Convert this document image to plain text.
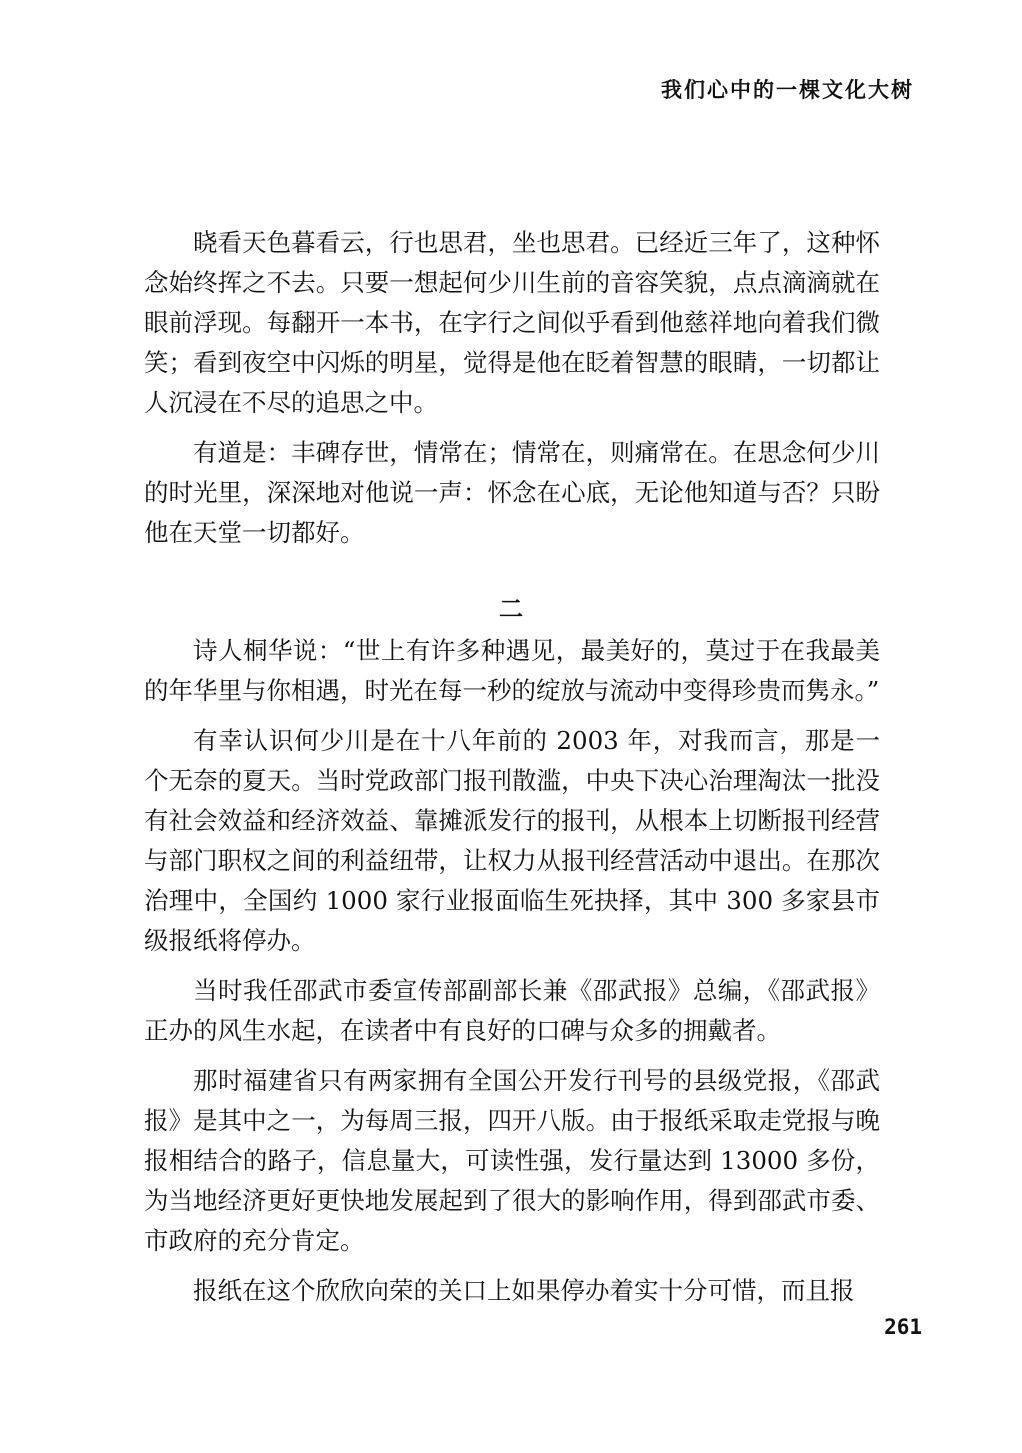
我们心中的一棵文化大树

晓看天色暮看云，行也思君，坐也思君。已经近三年了，这种怀念始终挥之不去。只要一想起何少川生前的音容笑貌，点点滴滴就在眼前浮现。每翻开一本书，在字行之间似乎看到他慈祥地向着我们微笑；看到夜空中闪烁的明星，觉得是他在眨着智慧的眼睛，一切都让人沉浸在不尽的追思之中。

有道是：丰碑存世，情常在；情常在，则痛常在。在思念何少川的时光里，深深地对他说一声：怀念在心底，无论他知道与否？只盼他在天堂一切都好。

二

诗人桐华说：“世上有许多种遇见，最美好的，莫过于在我最美的年华里与你相遇，时光在每一秒的绽放与流动中变得珍贵而隽永。”

有幸认识何少川是在十八年前的 2003 年，对我而言，那是一个无奈的夏天。当时党政部门报刊散滥，中央下决心治理淘汰一批没有社会效益和经济效益、靠摊派发行的报刊，从根本上切断报刊经营与部门职权之间的利益纽带，让权力从报刊经营活动中退出。在那次治理中，全国约 1000 家行业报面临生死抉择，其中 300 多家县市级报纸将停办。

当时我任邵武市委宣传部副部长兼《邵武报》总编，《邵武报》正办的风生水起，在读者中有良好的口碑与众多的拥戴者。

那时福建省只有两家拥有全国公开发行刊号的县级党报，《邵武报》是其中之一，为每周三报，四开八版。由于报纸采取走党报与晚报相结合的路子，信息量大，可读性强，发行量达到 13000 多份，为当地经济更好更快地发展起到了很大的影响作用，得到邵武市委、市政府的充分肯定。

报纸在这个欣欣向荣的关口上如果停办着实十分可惜，而且报

261
